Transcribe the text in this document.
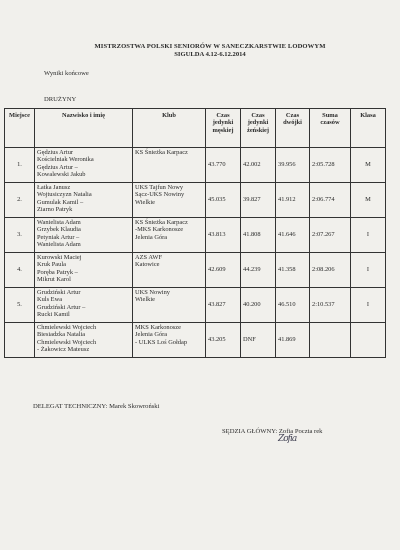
MISTRZOSTWA POLSKI SENIORÓW W SANECZKARSTWIE LODOWYM
SIGULDA 4.12-6.12.2014
Wyniki końcowe
DRUŻYNY
Miejsce	Nazwisko i imię	Klub	Czas jedynki męskiej	Czas jedynki żeńskiej	Czas dwójki	Suma czasów	Klasa
1.	Gędzius Artur
Kościelniak Weronika
Gędzius Artur –
Kowalewski Jakub	KS Śnieżka Karpacz	43.770	42.002	39.956	2:05.728	M
2.	Łatka Janusz
Wojtusiczyzn Natalia
Gumulak Kamil –
Ziarno Patryk	UKS Tajfun Nowy
Sącz-UKS Nowiny
Wielkie	45.035	39.827	41.912	2:06.774	M
3.	Wanielista Adam
Grzybek Klaudia
Petyniak Artur –
Wanielista Adam	KS Śnieżka Karpacz
-MKS Karkonosze
Jelenia Góra	43.813	41.808	41.646	2:07.267	I
4.	Kurowski Maciej
Kruk Paula
Poręba Patryk –
Mikrut Karol	AZS AWF
Katowice	42.609	44.239	41.358	2:08.206	I
5.	Grudziński Artur
Kuls Ewa
Grudziński Artur –
Rucki Kamil	UKS Nowiny
Wielkie	43.827	40.200	46.510	2:10.537	I

	Chmielewski Wojciech
Biesiadzka Natalia
Chmielewski Wojciech
- Żakowicz Mateusz	MKS Karkonosze
Jelenia Góra
- ULKS Loś Gołdap	43.205	DNF	41.869		
DELEGAT TECHNICZNY: Marek Skowroński
SĘDZIA GŁÓWNY: Zofia Poczta rek
Zofia
